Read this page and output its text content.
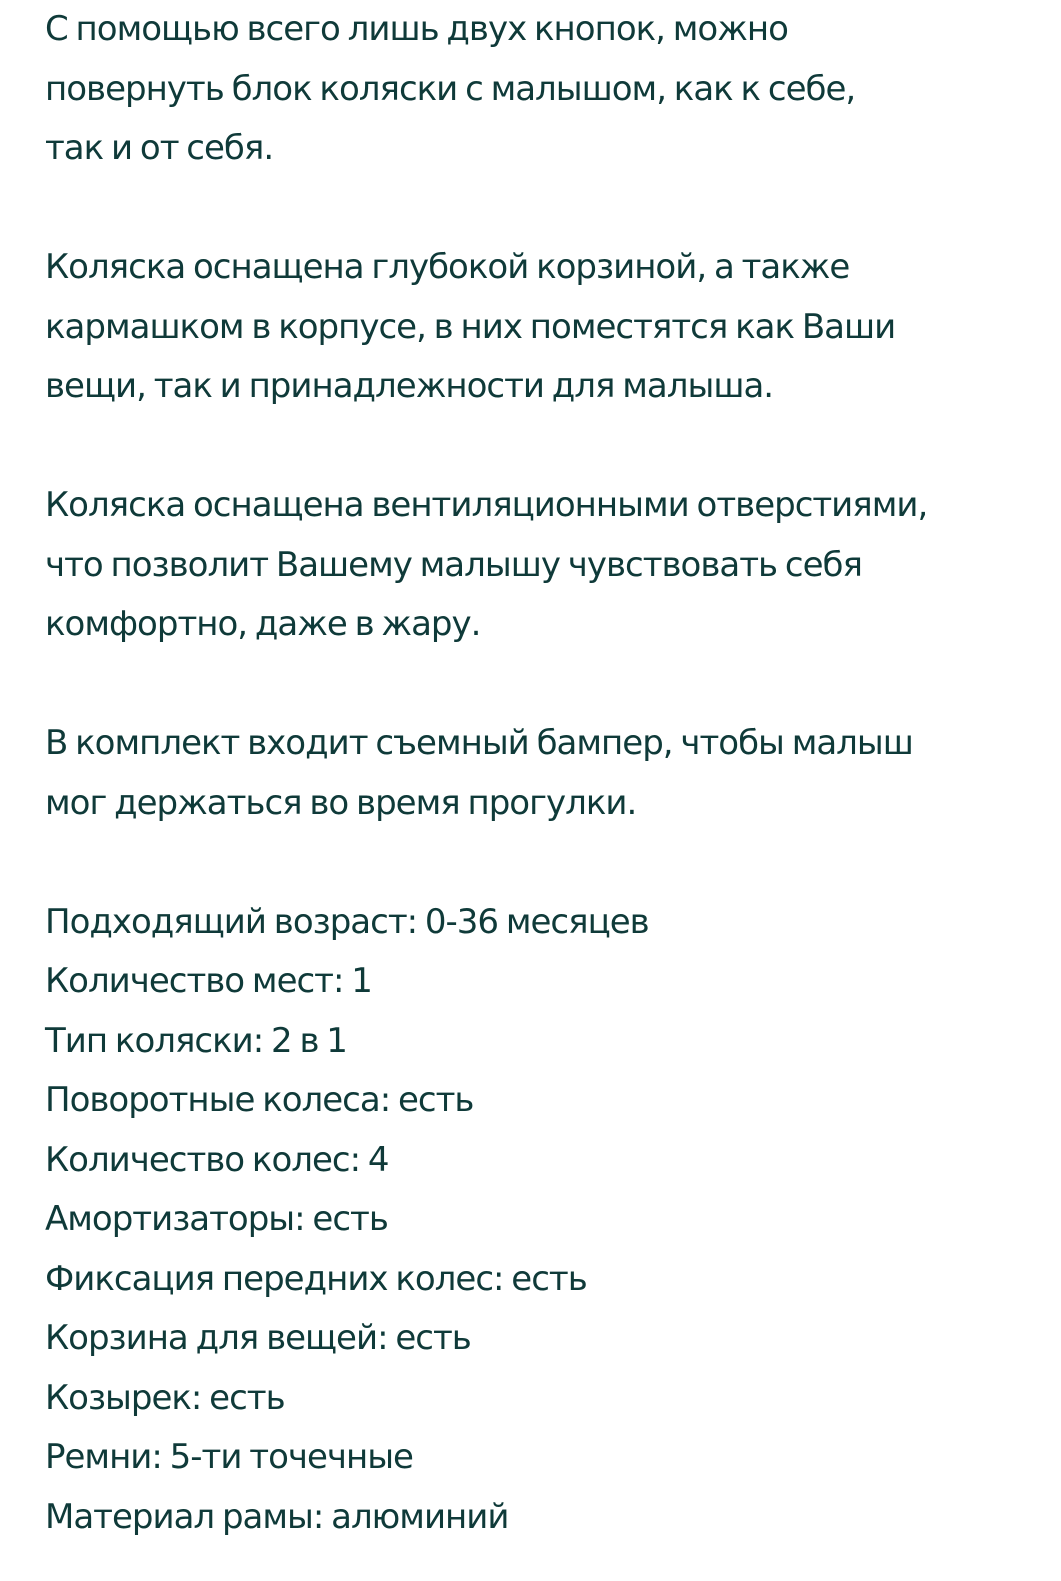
С помощью всего лишь двух кнопок, можно
повернуть блок коляски с малышом, как к себе,
так и от себя.
Коляска оснащена глубокой корзиной, а также
кармашком в корпусе, в них поместятся как Ваши
вещи, так и принадлежности для малыша.
Коляска оснащена вентиляционными отверстиями,
что позволит Вашему малышу чувствовать себя
комфортно, даже в жару.
В комплект входит съемный бампер, чтобы малыш
мог держаться во время прогулки.
Подходящий возраст: 0-36 месяцев
Количество мест: 1
Тип коляски: 2 в 1
Поворотные колеса: есть
Количество колес: 4
Амортизаторы: есть
Фиксация передних колес: есть
Корзина для вещей: есть
Козырек: есть
Ремни: 5-ти точечные
Материал рамы: алюминий
